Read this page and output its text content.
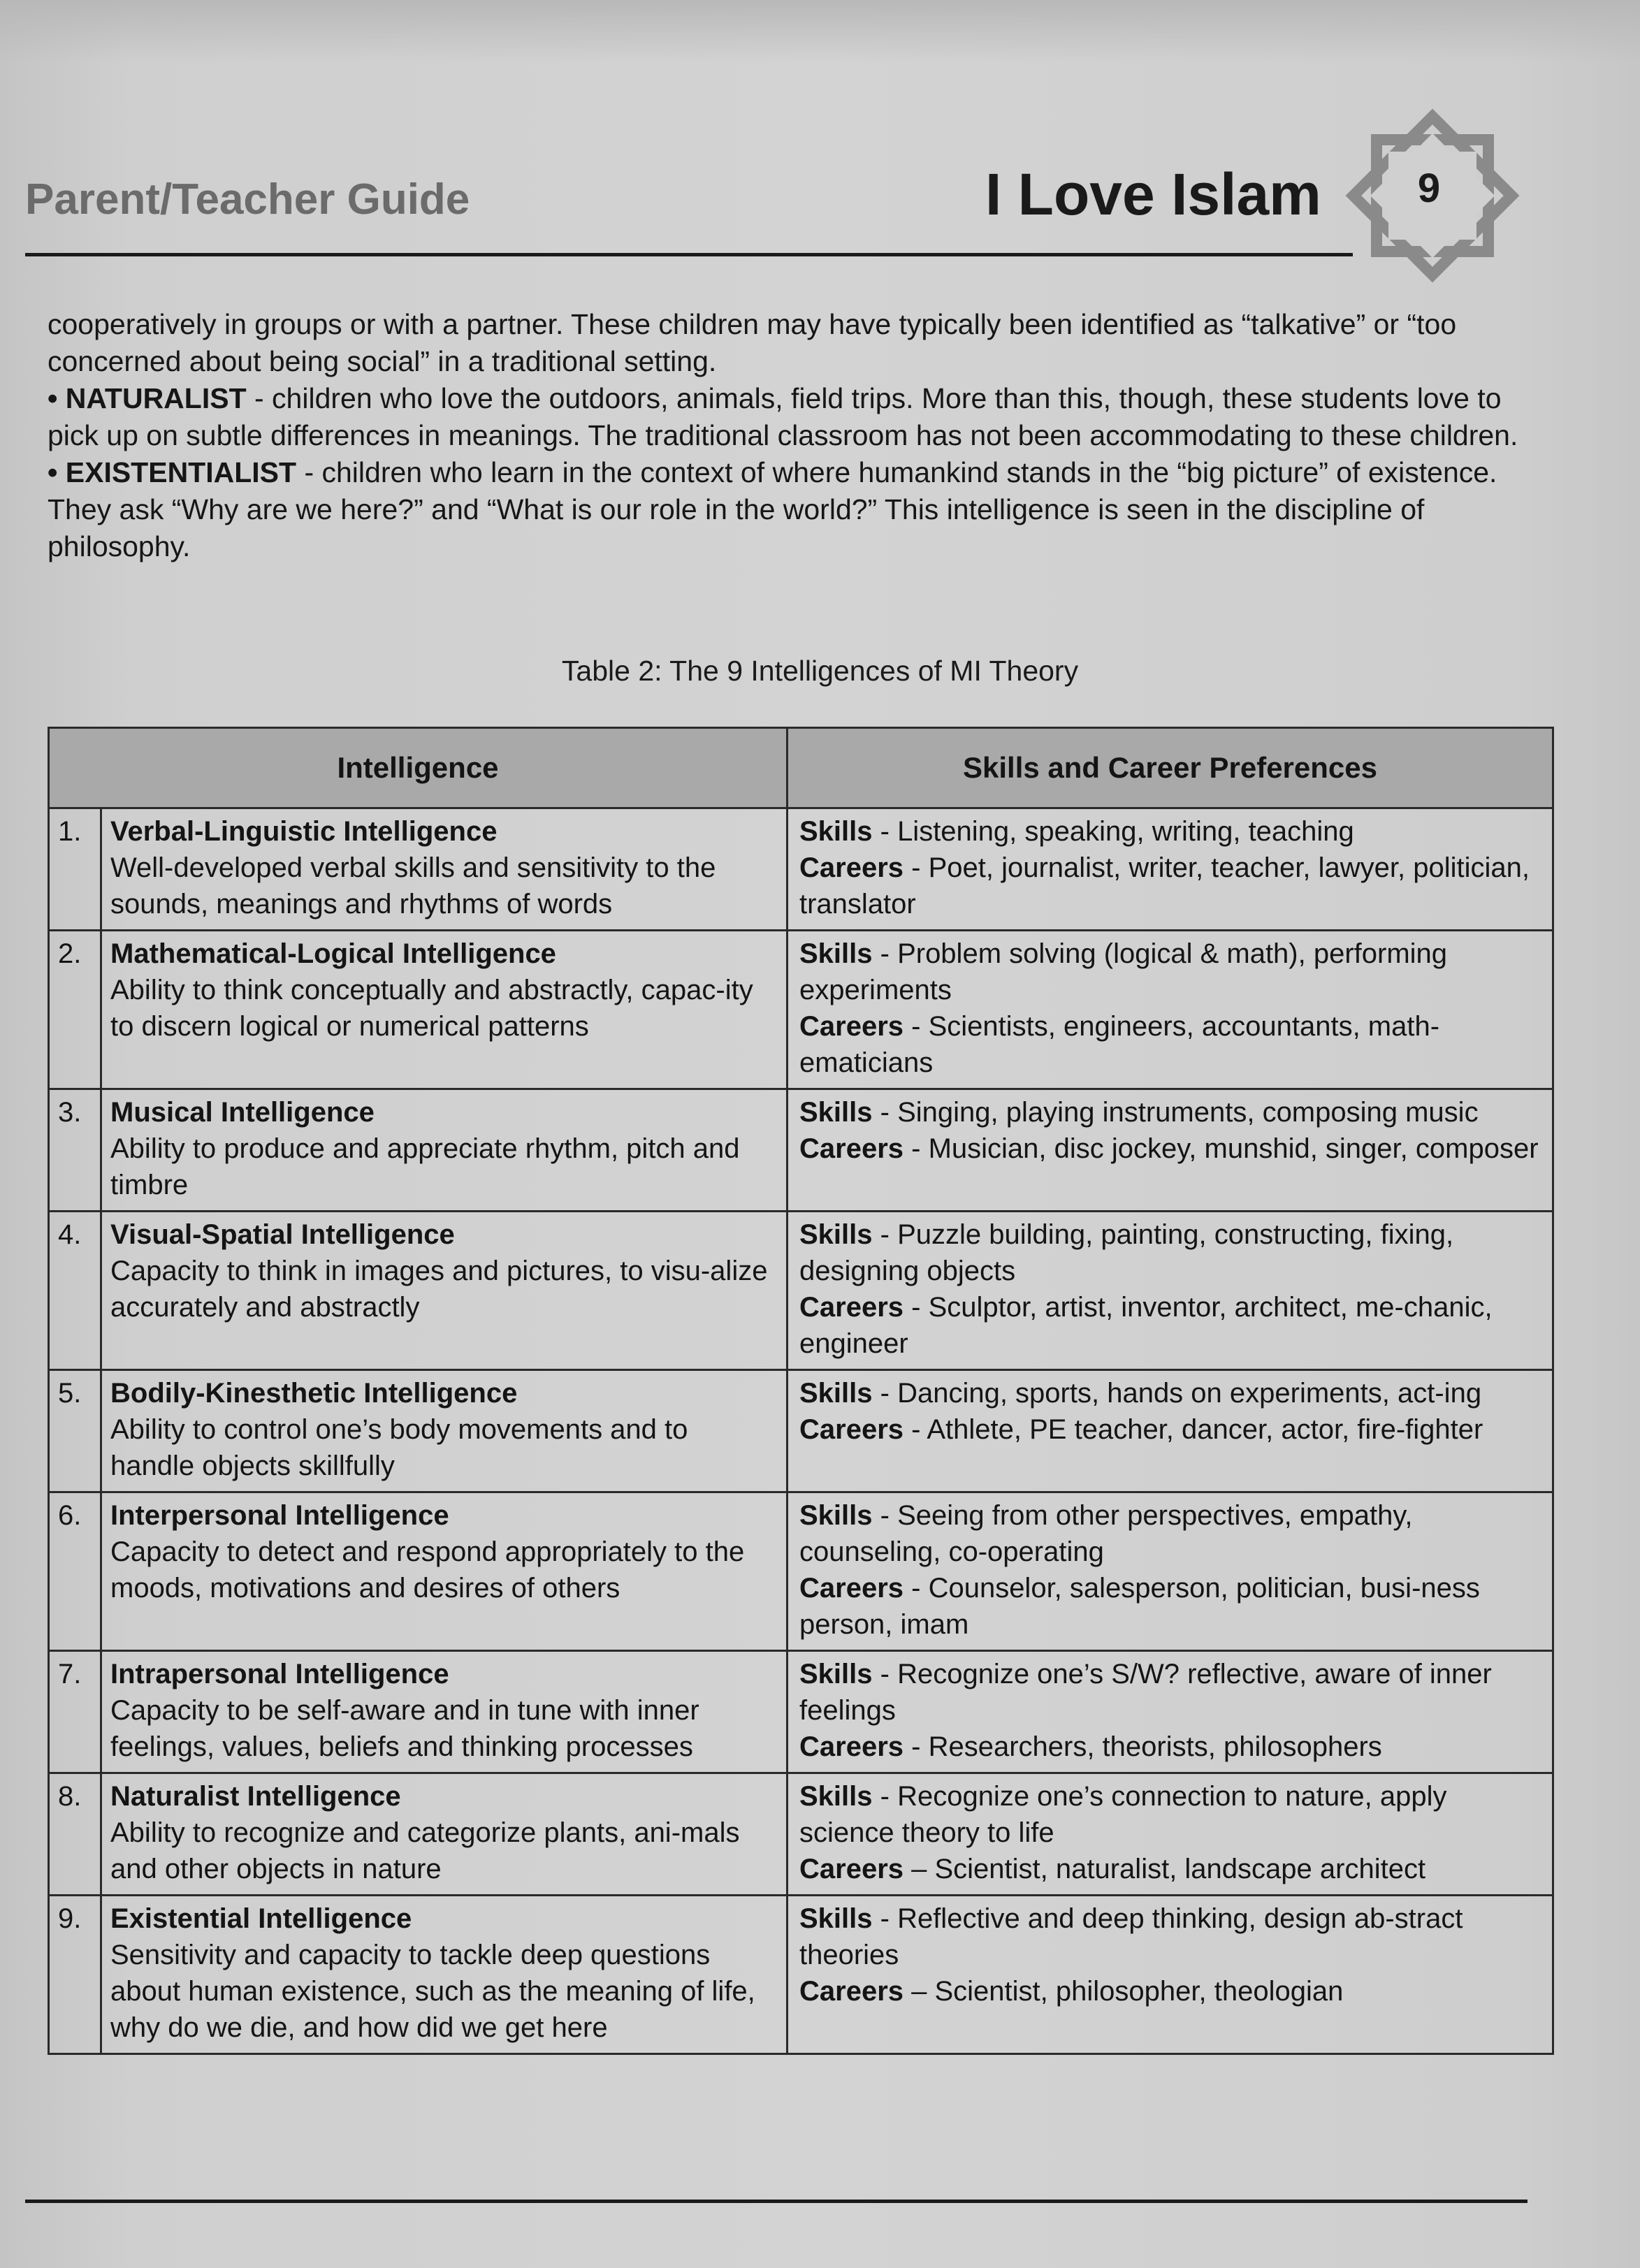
Parent/Teacher Guide	I Love Islam	9

cooperatively in groups or with a partner. These children may have typically been identified as “talkative” or “too concerned about being social” in a traditional setting.

• NATURALIST - children who love the outdoors, animals, field trips. More than this, though, these students love to pick up on subtle differences in meanings. The traditional classroom has not been accommodating to these children.

• EXISTENTIALIST - children who learn in the context of where humankind stands in the “big picture” of existence. They ask “Why are we here?” and “What is our role in the world?” This intelligence is seen in the discipline of philosophy.

Table 2: The 9 Intelligences of MI Theory
Intelligence		Skills and Career Preferences
1.	Verbal-Linguistic Intelligence
Well-developed verbal skills and sensitivity to the sounds, meanings and rhythms of words	Skills - Listening, speaking, writing, teaching
Careers - Poet, journalist, writer, teacher, lawyer, politician, translator

2.	Mathematical-Logical Intelligence
Ability to think conceptually and abstractly, capac-ity to discern logical or numerical patterns	Skills - Problem solving (logical & math), performing experiments
Careers - Scientists, engineers, accountants, math-ematicians

3.	Musical Intelligence
Ability to produce and appreciate rhythm, pitch and timbre	Skills - Singing, playing instruments, composing music
Careers - Musician, disc jockey, munshid, singer, composer

4.	Visual-Spatial Intelligence
Capacity to think in images and pictures, to visu-alize accurately and abstractly	Skills - Puzzle building, painting, constructing, fixing, designing objects
Careers - Sculptor, artist, inventor, architect, me-chanic, engineer

5.	Bodily-Kinesthetic Intelligence
Ability to control one’s body movements and to handle objects skillfully	Skills - Dancing, sports, hands on experiments, act-ing
Careers - Athlete, PE teacher, dancer, actor, fire-fighter

6.	Interpersonal Intelligence
Capacity to detect and respond appropriately to the moods, motivations and desires of others	Skills - Seeing from other perspectives, empathy, counseling, co-operating
Careers - Counselor, salesperson, politician, busi-ness person, imam

7.	Intrapersonal Intelligence
Capacity to be self-aware and in tune with inner feelings, values, beliefs and thinking processes	Skills - Recognize one’s S/W? reflective, aware of inner feelings
Careers - Researchers, theorists, philosophers

8.	Naturalist Intelligence
Ability to recognize and categorize plants, ani-mals and other objects in nature	Skills - Recognize one’s connection to nature, apply science theory to life
Careers – Scientist, naturalist, landscape architect

9.	Existential Intelligence
Sensitivity and capacity to tackle deep questions about human existence, such as the meaning of life, why do we die, and how did we get here	Skills - Reflective and deep thinking, design ab-stract theories
Careers – Scientist, philosopher, theologian
